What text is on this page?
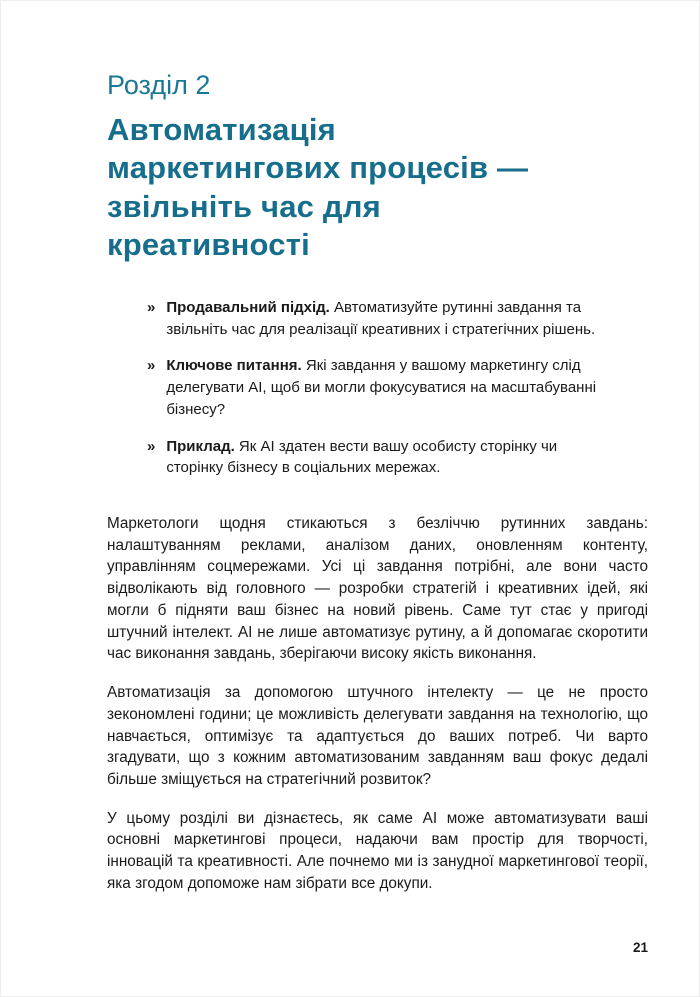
Розділ 2
Автоматизація
маркетингових процесів —
звільніть час для
креативності
» Продавальний підхід. Автоматизуйте рутинні завдання та звільніть час для реалізації креативних і стратегічних рішень.
» Ключове питання. Які завдання у вашому маркетингу слід делегувати AI, щоб ви могли фокусуватися на масштабуванні бізнесу?
» Приклад. Як AI здатен вести вашу особисту сторінку чи сторінку бізнесу в соціальних мережах.

Маркетологи щодня стикаються з безліччю рутинних завдань: налаштуванням реклами, аналізом даних, оновленням контенту, управлінням соцмережами. Усі ці завдання потрібні, але вони часто відволікають від головного — розробки стратегій і креативних ідей, які могли б підняти ваш бізнес на новий рівень. Саме тут стає у пригоді штучний інтелект. AI не лише автоматизує рутину, а й допомагає скоротити час виконання завдань, зберігаючи високу якість виконання.

Автоматизація за допомогою штучного інтелекту — це не просто зекономлені години; це можливість делегувати завдання на технологію, що навчається, оптимізує та адаптується до ваших потреб. Чи варто згадувати, що з кожним автоматизованим завданням ваш фокус дедалі більше зміщується на стратегічний розвиток?

У цьому розділі ви дізнаєтесь, як саме AI може автоматизувати ваші основні маркетингові процеси, надаючи вам простір для творчості, інновацій та креативності. Але почнемо ми із занудної маркетингової теорії, яка згодом допоможе нам зібрати все докупи.

21
